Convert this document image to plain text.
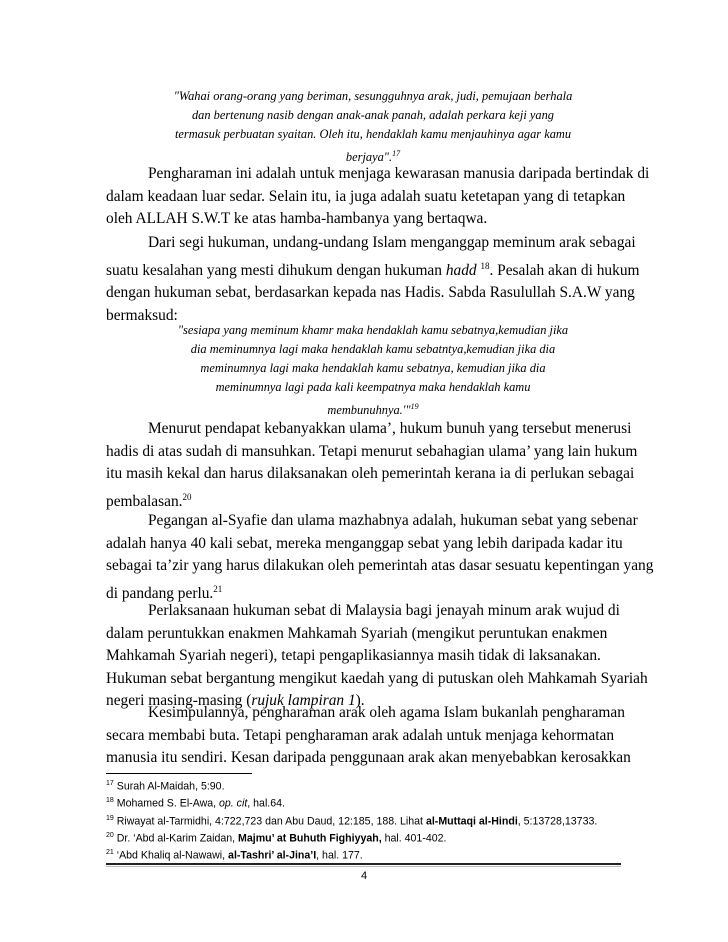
"Wahai orang-orang yang beriman, sesungguhnya arak, judi, pemujaan berhala

dan bertenung nasib dengan anak-anak panah, adalah perkara keji yang

termasuk perbuatan syaitan. Oleh itu, hendaklah kamu menjauhinya agar kamu

berjaya".$^{17}$

Pengharaman ini adalah untuk menjaga kewarasan manusia daripada bertindak di

dalam keadaan luar sedar. Selain itu, ia juga adalah suatu ketetapan yang di tetapkan

oleh ALLAH S.W.T ke atas hamba-hambanya yang bertaqwa.

Dari segi hukuman, undang-undang Islam menganggap meminum arak sebagai

suatu kesalahan yang mesti dihukum dengan hukuman hadd $^{18}$. Pesalah akan di hukum

dengan hukuman sebat, berdasarkan kepada nas Hadis. Sabda Rasulullah S.A.W yang

bermaksud:

"sesiapa yang meminum khamr maka hendaklah kamu sebatnya,kemudian jika

dia meminumnya lagi maka hendaklah kamu sebatntya,kemudian jika dia

meminumnya lagi maka hendaklah kamu sebatnya, kemudian jika dia

meminumnya lagi pada kali keempatnya maka hendaklah kamu

membunuhnya.'"$^{19}$

Menurut pendapat kebanyakkan ulama’, hukum bunuh yang tersebut menerusi

hadis di atas sudah di mansuhkan. Tetapi menurut sebahagian ulama’ yang lain hukum

itu masih kekal dan harus dilaksanakan oleh pemerintah kerana ia di perlukan sebagai

pembalasan.$^{20}$

Pegangan al-Syafie dan ulama mazhabnya adalah, hukuman sebat yang sebenar

adalah hanya 40 kali sebat, mereka menganggap sebat yang lebih daripada kadar itu

sebagai ta’zir yang harus dilakukan oleh pemerintah atas dasar sesuatu kepentingan yang

di pandang perlu.$^{21}$

Perlaksanaan hukuman sebat di Malaysia bagi jenayah minum arak wujud di

dalam peruntukkan enakmen Mahkamah Syariah (mengikut peruntukan enakmen

Mahkamah Syariah negeri), tetapi pengaplikasiannya masih tidak di laksanakan.

Hukuman sebat bergantung mengikut kaedah yang di putuskan oleh Mahkamah Syariah

negeri masing-masing (rujuk lampiran 1).

Kesimpulannya, pengharaman arak oleh agama Islam bukanlah pengharaman

secara membabi buta. Tetapi pengharaman arak adalah untuk menjaga kehormatan

manusia itu sendiri. Kesan daripada penggunaan arak akan menyebabkan kerosakkan

$^{17}$ Surah Al-Maidah, 5:90.

$^{18}$ Mohamed S. El-Awa, op. cit, hal.64.

$^{19}$ Riwayat al-Tarmidhi, 4:722,723 dan Abu Daud, 12:185, 188. Lihat al-Muttaqi al-Hindi, 5:13728,13733.

$^{20}$ Dr. ‘Abd al-Karim Zaidan, Majmu’ at Buhuth Fighiyyah, hal. 401-402.

$^{21}$ ‘Abd Khaliq al-Nawawi, al-Tashri’ al-Jina’I, hal. 177.

4
